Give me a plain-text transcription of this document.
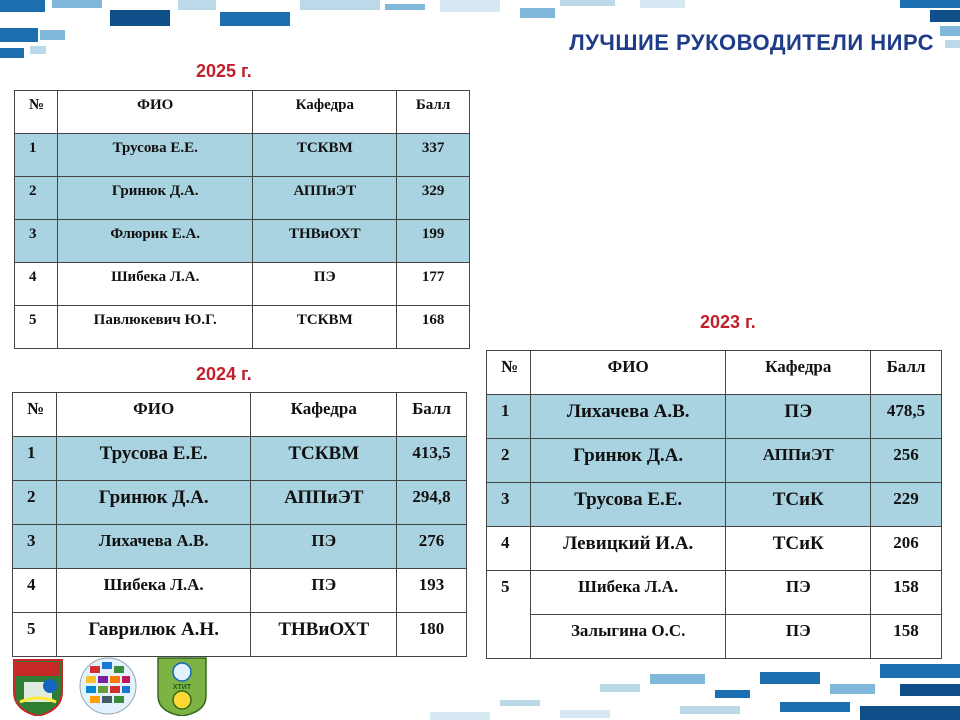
ЛУЧШИЕ РУКОВОДИТЕЛИ НИРС
2025 г.
№	ФИО	Кафедра	Балл
1	Трусова Е.Е.	ТСКВМ	337
2	Гринюк Д.А.	АППиЭТ	329
3	Флюрик Е.А.	ТНВиОХТ	199
4	Шибека Л.А.	ПЭ	177
5	Павлюкевич Ю.Г.	ТСКВМ	168
2024 г.
№	ФИО	Кафедра	Балл
1	Трусова Е.Е.	ТСКВМ	413,5
2	Гринюк Д.А.	АППиЭТ	294,8
3	Лихачева А.В.	ПЭ	276
4	Шибека Л.А.	ПЭ	193
5	Гаврилюк А.Н.	ТНВиОХТ	180
2023 г.
№	ФИО	Кафедра	Балл
1	Лихачева А.В.	ПЭ	478,5
2	Гринюк Д.А.	АППиЭТ	256
3	Трусова Е.Е.	ТСиК	229
4	Левицкий И.А.	ТСиК	206
5	Шибека Л.А.	ПЭ	158
	Залыгина О.С.	ПЭ	158
ХТИТ
